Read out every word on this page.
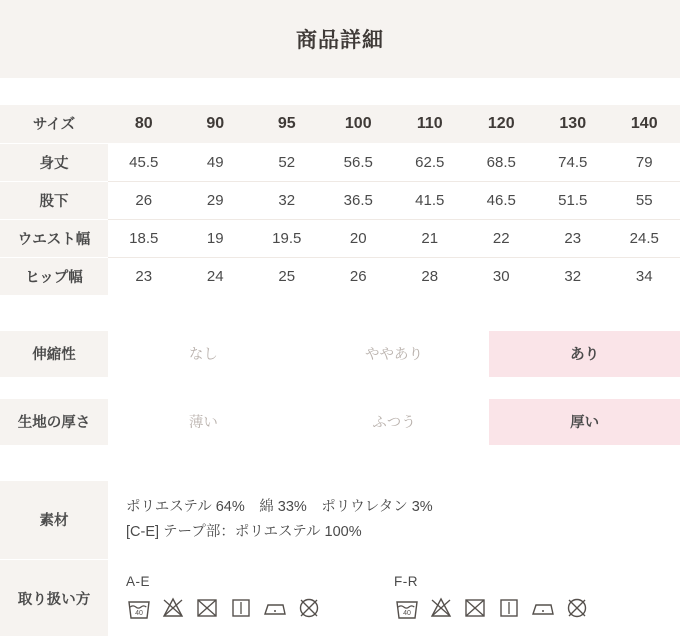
商品詳細
サイズ	80	90	95	100	110	120	130	140
身丈	45.5	49	52	56.5	62.5	68.5	74.5	79
股下	26	29	32	36.5	41.5	46.5	51.5	55
ウエスト幅	18.5	19	19.5	20	21	22	23	24.5
ヒップ幅	23	24	25	26	28	30	32	34
伸縮性	なし	ややあり	あり
生地の厚さ	薄い	ふつう	厚い
素材	ポリエステル 64%　綿 33%　ポリウレタン 3%
[C-E] テープ部：ポリエステル 100%

取り扱い方	A-E
40
F-R
40
